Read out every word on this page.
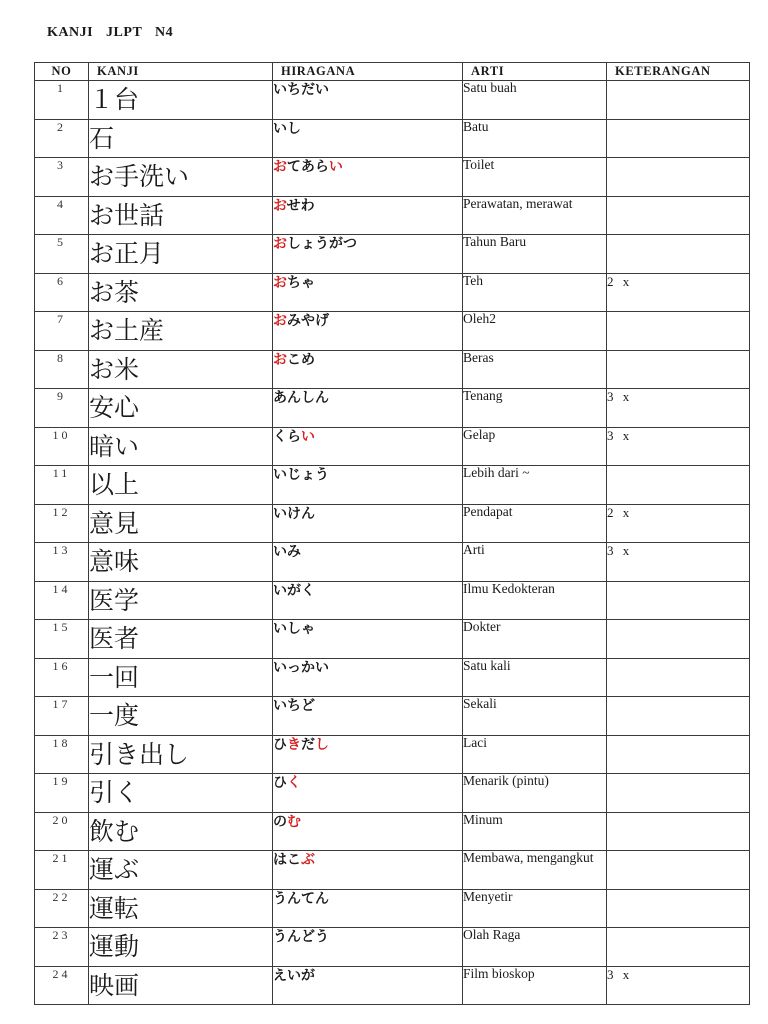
KANJI JLPT N4
NO	KANJI	HIRAGANA	ARTI	KETERANGAN
1	１台	いちだい	Satu buah	
2	石	いし	Batu	
3	お手洗い	おてあらい	Toilet	
4	お世話	おせわ	Perawatan, merawat	
5	お正月	おしょうがつ	Tahun Baru	
6	お茶	おちゃ	Teh	2 x
7	お土産	おみやげ	Oleh2	
8	お米	おこめ	Beras	
9	安心	あんしん	Tenang	3 x
10	暗い	くらい	Gelap	3 x
11	以上	いじょう	Lebih dari ~	
12	意見	いけん	Pendapat	2 x
13	意味	いみ	Arti	3 x
14	医学	いがく	Ilmu Kedokteran	
15	医者	いしゃ	Dokter	
16	一回	いっかい	Satu kali	
17	一度	いちど	Sekali	
18	引き出し	ひきだし	Laci	
19	引く	ひく	Menarik (pintu)	
20	飲む	のむ	Minum	
21	運ぶ	はこぶ	Membawa, mengangkut	
22	運転	うんてん	Menyetir	
23	運動	うんどう	Olah Raga	
24	映画	えいが	Film bioskop	3 x
